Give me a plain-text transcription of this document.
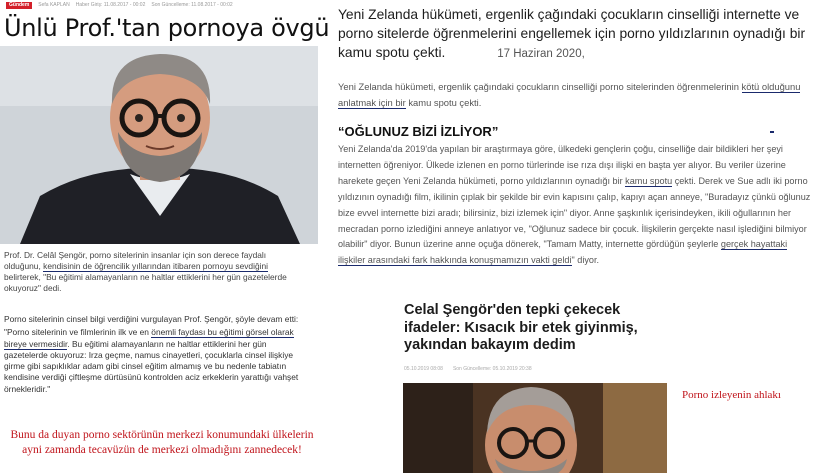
Gündem	Sefa KAPLAN Haber Giriş: 11.08.2017 - 00:02 Son Güncelleme: 11.08.2017 - 00:02
Ünlü Prof.'tan pornoya övgü
Prof. Dr. Celâl Şengör, porno sitelerinin insanlar için son derece faydalı olduğunu, kendisinin de öğrencilik yıllarından itibaren pornoyu sevdiğini belirterek, "Bu eğitimi alamayanların ne haltlar ettiklerini her gün gazetelerde okuyoruz" dedi.

Porno sitelerinin cinsel bilgi verdiğini vurgulayan Prof. Şengör, şöyle devam etti:

"Porno sitelerinin ve filmlerinin ilk ve en önemli faydası bu eğitimi görsel olarak bireye vermesidir. Bu eğitimi alamayanların ne haltlar ettiklerini her gün gazetelerde okuyoruz: Irza geçme, namus cinayetleri, çocuklarla cinsel ilişkiye girme gibi sapıklıklar adam gibi cinsel eğitim almamış ve bu nedenle tabiatın kendisine verdiği çiftleşme dürtüsünü kontrolden aciz erkeklerin yarattığı vahşet örnekleridir."

Bunu da duyan porno sektörünün merkezi konumundaki ülkelerin ayni zamanda tecavüzün de merkezi olmadığını zannedecek!
Yeni Zelanda hükümeti, ergenlik çağındaki çocukların cinselliği internette ve porno sitelerde öğrenmelerini engellemek için porno yıldızlarının oynadığı bir kamu spotu çekti.	17 Haziran 2020,
Yeni Zelanda hükümeti, ergenlik çağındaki çocukların cinselliği porno sitelerinden öğrenmelerinin kötü olduğunu anlatmak için bir kamu spotu çekti.
“OĞLUNUZ BİZİ İZLİYOR”
Yeni Zelanda'da 2019'da yapılan bir araştırmaya göre, ülkedeki gençlerin çoğu, cinselliğe dair bildikleri her şeyi internetten öğreniyor. Ülkede izlenen en porno türlerinde ise rıza dışı ilişki en başta yer alıyor. Bu veriler üzerine harekete geçen Yeni Zelanda hükümeti, porno yıldızlarının oynadığı bir kamu spotu çekti. Derek ve Sue adlı iki porno yıldızının oynadığı film, ikilinin çıplak bir şekilde bir evin kapısını çalıp, kapıyı açan anneye, "Buradayız çünkü oğlunuz bize evvel internette bizi aradı; bilirsiniz, bizi izlemek için" diyor. Anne şaşkınlık içerisindeyken, ikili oğullarının her mecradan porno izlediğini anneye anlatıyor ve, "Oğlunuz sadece bir çocuk. İlişkilerin gerçekte nasıl işlediğini bilmiyor olabilir" diyor. Bunun üzerine anne oçuğa dönerek, "Tamam Matty, internette gördüğün şeylerle gerçek hayattaki ilişkiler arasındaki fark hakkında konuşmamızın vakti geldi" diyor.
Celal Şengör'den tepki çekecek ifadeler: Kısacık bir etek giyinmiş, yakından bakayım dedim
05.10.2019 08:08 Son Güncelleme: 05.10.2019 20:38
Porno izleyenin ahlakı
